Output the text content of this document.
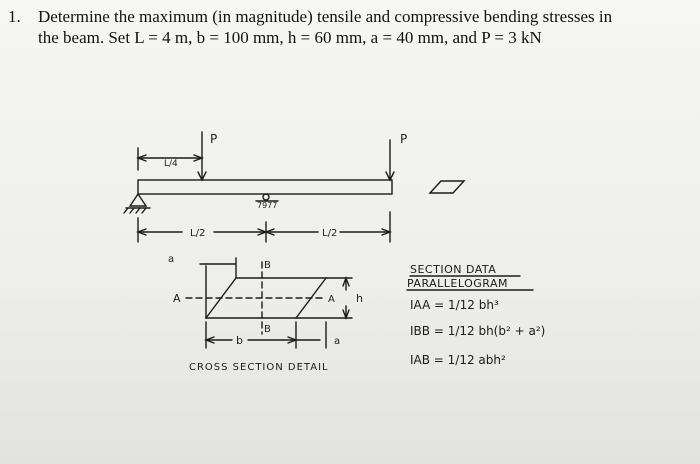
1. Determine the maximum (in magnitude) tensile and compressive bending stresses in
the beam. Set L = 4 m, b = 100 mm, h = 60 mm, a = 40 mm, and P = 3 kN
P	P
L/4
L/2	L/2
7977
a
B
A	A h
B
b	a
CROSS SECTION DETAIL
SECTION DATA
PARALLELOGRAM
IAA = 1/12 bh³
IBB = 1/12 bh(b² + a²)
IAB = 1/12 abh²
